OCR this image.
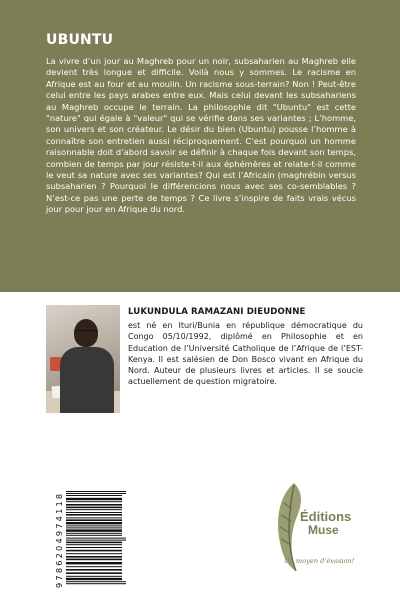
UBUNTU

La vivre d’un jour au Maghreb pour un noir, subsaharien au Maghreb elle devient très longue et difficile. Voilà nous y sommes. Le racisme en Afrique est au four et au moulin. Un racisme sous-terrain? Non ! Peut-être celui entre les pays arabes entre eux. Mais celui devant les subsahariens au Maghreb occupe le terrain. La philosophie dit "Ubuntu" est cette "nature" qui égale à "valeur" qui se vérifie dans ses variantes ; L’homme, son univers et son créateur. Le désir du bien (Ubuntu) pousse l’homme à connaître son entretien aussi réciproquement. C’est pourquoi un homme raisonnable doit d’abord savoir se définir à chaque fois devant son temps, combien de temps par jour résiste-t-il aux éphémères et relate-t-il comme le veut sa nature avec ses variantes? Qui est l’Africain (maghrébin versus subsaharien ? Pourquoi le différencions nous avec ses co-semblables ? N’est-ce pas une perte de temps ? Ce livre s’inspire de faits vrais vécus jour pour jour en Afrique du nord.

LUKUNDULA RAMAZANI DIEUDONNE

est né en Ituri/Bunia en république démocratique du Congo 05/10/1992, diplômé en Philosophie et en Education de l’Université Catholique de l’Afrique de l’EST-Kenya. Il est salésien de Don Bosco vivant en Afrique du Nord. Auteur de plusieurs livres et articles. Il se soucie actuellement de question migratoire.

9786204974118	Éditions

Muse

Un moyen d’évasion!
